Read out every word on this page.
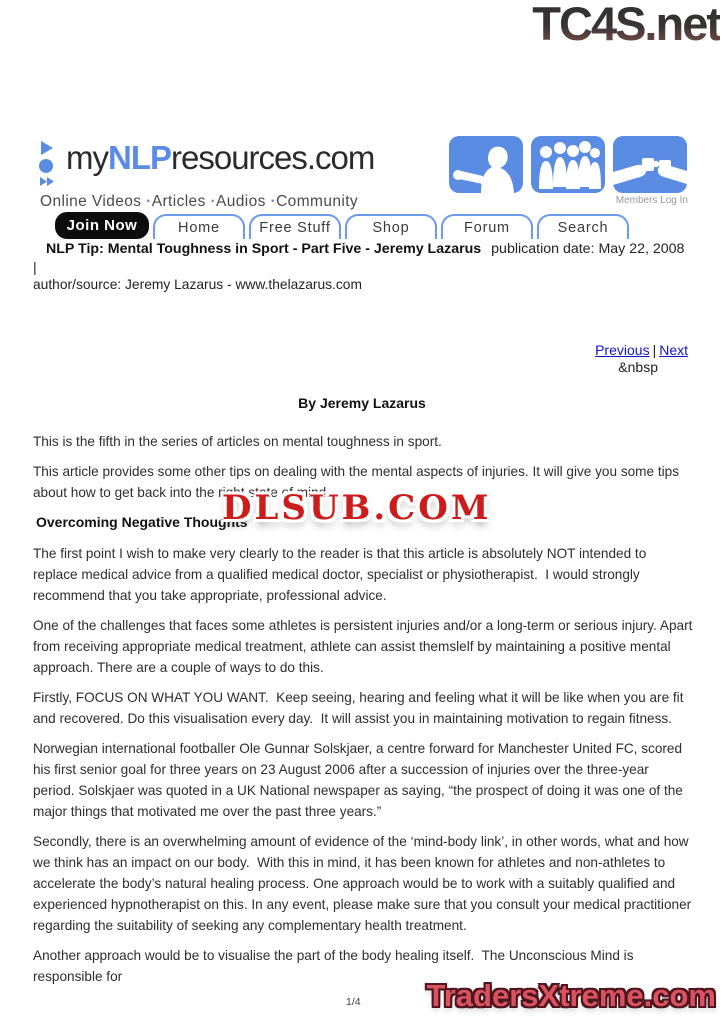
TC4S.net
myNLPresources.com
Online Videos · Articles · Audios · Community	Members Log In
Join Now	Home	Free Stuff	Shop	Forum	Search
NLP Tip: Mental Toughness in Sport - Part Five - Jeremy Lazarus publication date: May 22, 2008
|
author/source: Jeremy Lazarus - www.thelazarus.com
Previous | Next
&nbsp
By Jeremy Lazarus

This is the fifth in the series of articles on mental toughness in sport.

This article provides some other tips on dealing with the mental aspects of injuries. It will give you some tips about how to get back into the right state of mind.

Overcoming Negative Thoughts

The first point I wish to make very clearly to the reader is that this article is absolutely NOT intended to replace medical advice from a qualified medical doctor, specialist or physiotherapist.  I would strongly recommend that you take appropriate, professional advice.

One of the challenges that faces some athletes is persistent injuries and/or a long-term or serious injury. Apart from receiving appropriate medical treatment, athlete can assist themslelf by maintaining a positive mental approach. There are a couple of ways to do this.

Firstly, FOCUS ON WHAT YOU WANT.  Keep seeing, hearing and feeling what it will be like when you are fit and recovered. Do this visualisation every day.  It will assist you in maintaining motivation to regain fitness.

Norwegian international footballer Ole Gunnar Solskjaer, a centre forward for Manchester United FC, scored his first senior goal for three years on 23 August 2006 after a succession of injuries over the three-year period. Solskjaer was quoted in a UK National newspaper as saying, “the prospect of doing it was one of the major things that motivated me over the past three years.”

Secondly, there is an overwhelming amount of evidence of the ‘mind-body link’, in other words, what and how we think has an impact on our body.  With this in mind, it has been known for athletes and non-athletes to accelerate the body’s natural healing process. One approach would be to work with a suitably qualified and experienced hypnotherapist on this. In any event, please make sure that you consult your medical practitioner regarding the suitability of seeking any complementary health treatment.

Another approach would be to visualise the part of the body healing itself.  The Unconscious Mind is responsible for

DLSUB.COM
1/4 TradersXtreme.com
